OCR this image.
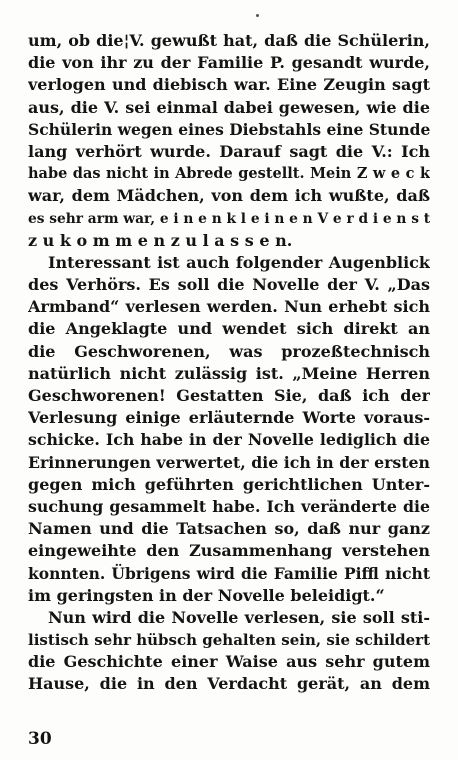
um, ob die¦V. gewußt hat, daß die Schülerin,
die von ihr zu der Familie P. gesandt wurde,
verlogen und diebisch war. Eine Zeugin sagt
aus, die V. sei einmal dabei gewesen, wie die
Schülerin wegen eines Diebstahls eine Stunde
lang verhört wurde. Darauf sagt die V.: Ich
habe das nicht in Abrede gestellt. Mein Z w e c k
war, dem Mädchen, von dem ich wußte, daß
es sehr arm war, e i n e n k l e i n e n V e r d i e n s t
z u k o m m e n z u l a s s e n.
Interessant ist auch folgender Augenblick
des Verhörs. Es soll die Novelle der V. „Das
Armband“ verlesen werden. Nun erhebt sich
die Angeklagte und wendet sich direkt an
die Geschworenen, was prozeßtechnisch
natürlich nicht zulässig ist. „Meine Herren
Geschworenen! Gestatten Sie, daß ich der
Verlesung einige erläuternde Worte voraus-
schicke. Ich habe in der Novelle lediglich die
Erinnerungen verwertet, die ich in der ersten
gegen mich geführten gerichtlichen Unter-
suchung gesammelt habe. Ich veränderte die
Namen und die Tatsachen so, daß nur ganz
eingeweihte den Zusammenhang verstehen
konnten. Übrigens wird die Familie Piffl nicht
im geringsten in der Novelle beleidigt.“
Nun wird die Novelle verlesen, sie soll sti-
listisch sehr hübsch gehalten sein, sie schildert
die Geschichte einer Waise aus sehr gutem
Hause, die in den Verdacht gerät, an dem
30
